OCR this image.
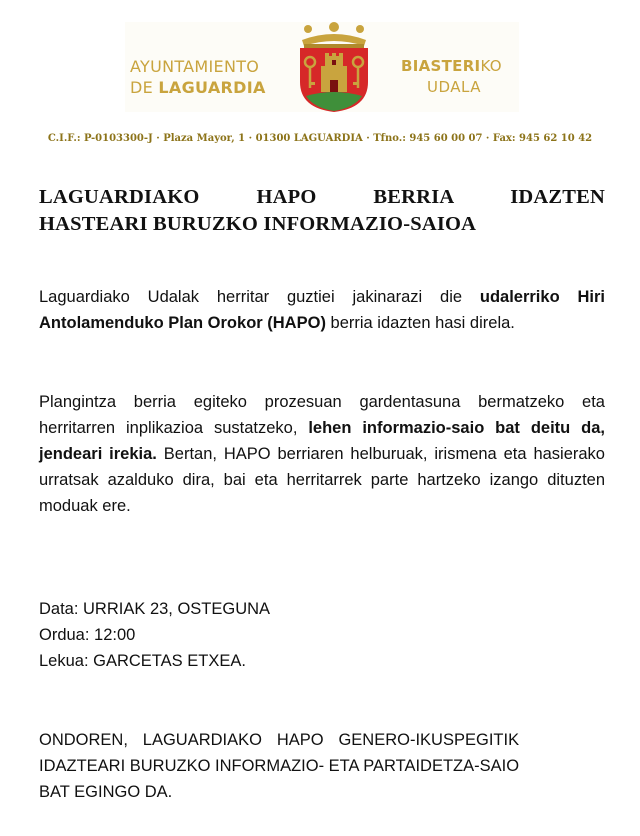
AYUNTAMIENTO
DE LAGUARDIA
BIASTERIKO
UDALA
C.I.F.: P-0103300-J · Plaza Mayor, 1 · 01300 LAGUARDIA · Tfno.: 945 60 00 07 · Fax: 945 62 10 42
LAGUARDIAKO HAPO BERRIA IDAZTEN
HASTEARI BURUZKO INFORMAZIO-SAIOA

Laguardiako Udalak herritar guztiei jakinarazi die udalerriko Hiri Antolamenduko Plan Orokor (HAPO) berria idazten hasi direla.

Plangintza berria egiteko prozesuan gardentasuna bermatzeko eta herritarren inplikazioa sustatzeko, lehen informazio-saio bat deitu da, jendeari irekia. Bertan, HAPO berriaren helburuak, irismena eta hasierako urratsak azalduko dira, bai eta herritarrek parte hartzeko izango dituzten moduak ere.

Data: URRIAK 23, OSTEGUNA
Ordua: 12:00
Lekua: GARCETAS ETXEA.

ONDOREN, LAGUARDIAKO HAPO GENERO-IKUSPEGITIK
IDAZTEARI BURUZKO INFORMAZIO- ETA PARTAIDETZA-SAIO
BAT EGINGO DA.
